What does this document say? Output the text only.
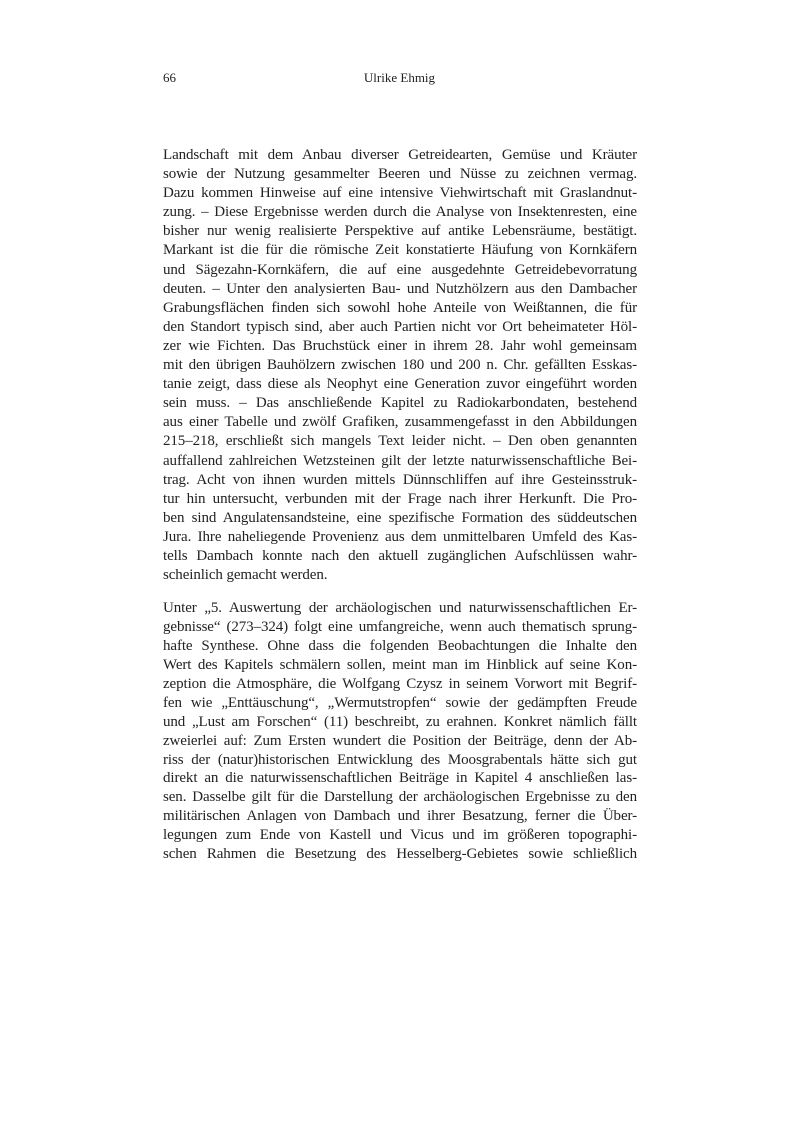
66	Ulrike Ehmig
Landschaft mit dem Anbau diverser Getreidearten, Gemüse und Kräuter
sowie der Nutzung gesammelter Beeren und Nüsse zu zeichnen vermag.
Dazu kommen Hinweise auf eine intensive Viehwirtschaft mit Graslandnut-
zung. – Diese Ergebnisse werden durch die Analyse von Insektenresten, eine
bisher nur wenig realisierte Perspektive auf antike Lebensräume, bestätigt.
Markant ist die für die römische Zeit konstatierte Häufung von Kornkäfern
und Sägezahn-Kornkäfern, die auf eine ausgedehnte Getreidebevorratung
deuten. – Unter den analysierten Bau- und Nutzhölzern aus den Dambacher
Grabungsflächen finden sich sowohl hohe Anteile von Weißtannen, die für
den Standort typisch sind, aber auch Partien nicht vor Ort beheimateter Höl-
zer wie Fichten. Das Bruchstück einer in ihrem 28. Jahr wohl gemeinsam
mit den übrigen Bauhölzern zwischen 180 und 200 n. Chr. gefällten Esskas-
tanie zeigt, dass diese als Neophyt eine Generation zuvor eingeführt worden
sein muss. – Das anschließende Kapitel zu Radiokarbondaten, bestehend
aus einer Tabelle und zwölf Grafiken, zusammengefasst in den Abbildungen
215–218, erschließt sich mangels Text leider nicht. – Den oben genannten
auffallend zahlreichen Wetzsteinen gilt der letzte naturwissenschaftliche Bei-
trag. Acht von ihnen wurden mittels Dünnschliffen auf ihre Gesteinsstruk-
tur hin untersucht, verbunden mit der Frage nach ihrer Herkunft. Die Pro-
ben sind Angulatensandsteine, eine spezifische Formation des süddeutschen
Jura. Ihre naheliegende Provenienz aus dem unmittelbaren Umfeld des Kas-
tells Dambach konnte nach den aktuell zugänglichen Aufschlüssen wahr-
scheinlich gemacht werden.
Unter „5. Auswertung der archäologischen und naturwissenschaftlichen Er-
gebnisse“ (273–324) folgt eine umfangreiche, wenn auch thematisch sprung-
hafte Synthese. Ohne dass die folgenden Beobachtungen die Inhalte den
Wert des Kapitels schmälern sollen, meint man im Hinblick auf seine Kon-
zeption die Atmosphäre, die Wolfgang Czysz in seinem Vorwort mit Begrif-
fen wie „Enttäuschung“, „Wermutstropfen“ sowie der gedämpften Freude
und „Lust am Forschen“ (11) beschreibt, zu erahnen. Konkret nämlich fällt
zweierlei auf: Zum Ersten wundert die Position der Beiträge, denn der Ab-
riss der (natur)historischen Entwicklung des Moosgrabentals hätte sich gut
direkt an die naturwissenschaftlichen Beiträge in Kapitel 4 anschließen las-
sen. Dasselbe gilt für die Darstellung der archäologischen Ergebnisse zu den
militärischen Anlagen von Dambach und ihrer Besatzung, ferner die Über-
legungen zum Ende von Kastell und Vicus und im größeren topographi-
schen Rahmen die Besetzung des Hesselberg-Gebietes sowie schließlich
